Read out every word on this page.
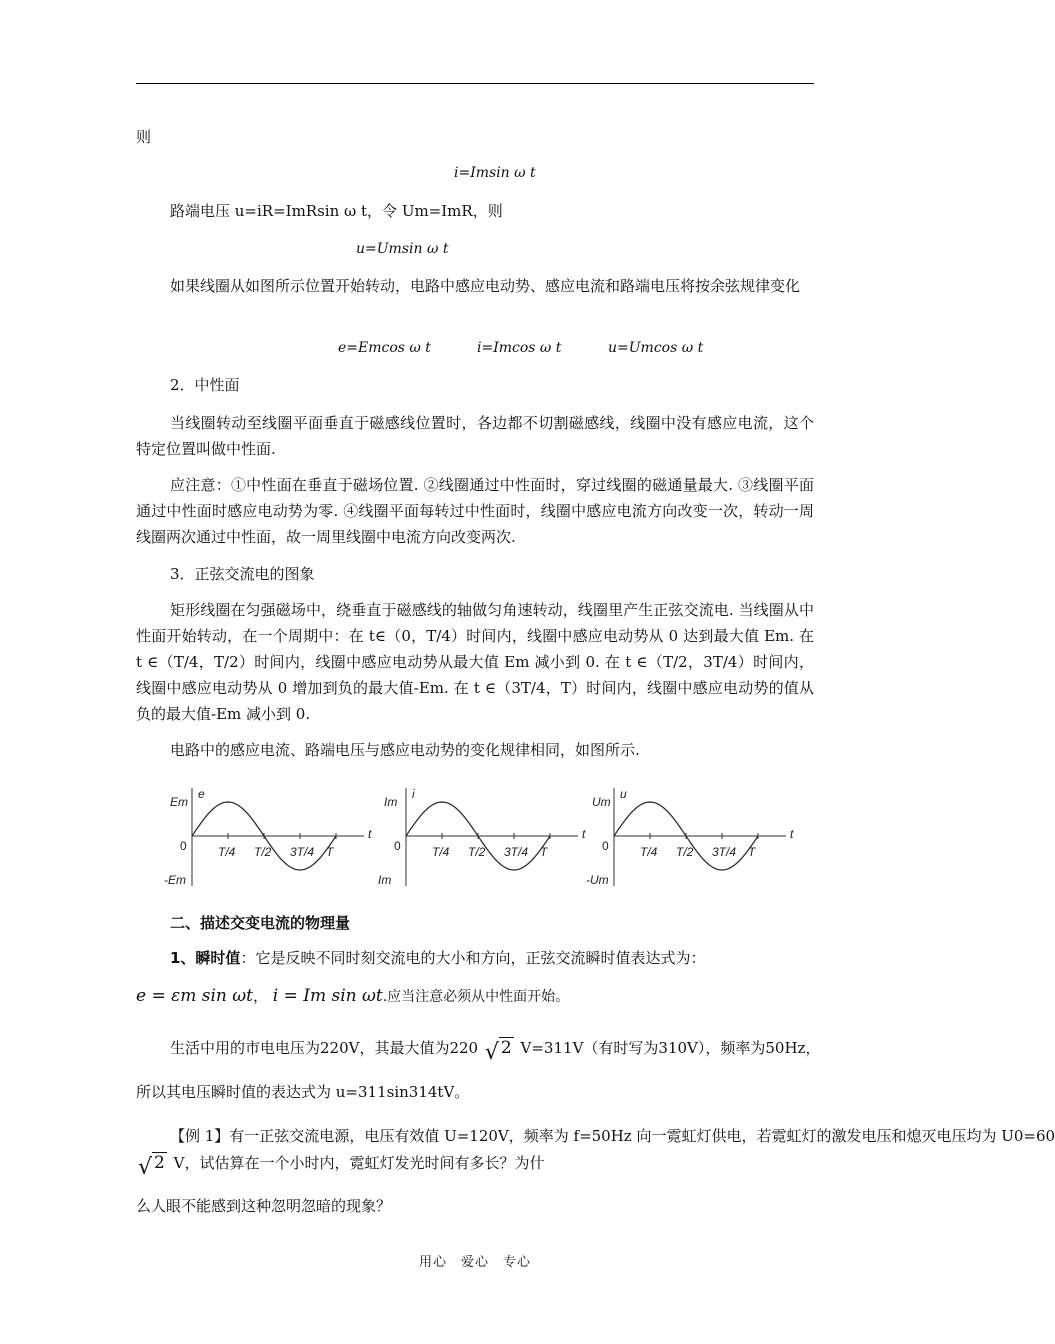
则
i=Imsin ω t
路端电压 u=iR=ImRsin ω t，令 Um=ImR，则
u=Umsin ω t
如果线圈从如图所示位置开始转动，电路中感应电动势、感应电流和路端电压将按余弦规律变化
e=Emcos ω t	i=Imcos ω t	u=Umcos ω t
2．中性面
当线圈转动至线圈平面垂直于磁感线位置时，各边都不切割磁感线，线圈中没有感应电流，这个特定位置叫做中性面.
应注意：①中性面在垂直于磁场位置. ②线圈通过中性面时，穿过线圈的磁通量最大. ③线圈平面通过中性面时感应电动势为零. ④线圈平面每转过中性面时，线圈中感应电流方向改变一次，转动一周线圈两次通过中性面，故一周里线圈中电流方向改变两次.
3．正弦交流电的图象
矩形线圈在匀强磁场中，绕垂直于磁感线的轴做匀角速转动，线圈里产生正弦交流电. 当线圈从中性面开始转动，在一个周期中：在 t∈（0，T/4）时间内，线圈中感应电动势从 0 达到最大值 Em. 在 t ∈（T/4，T/2）时间内，线圈中感应电动势从最大值 Em 减小到 0. 在 t ∈（T/2，3T/4）时间内，线圈中感应电动势从 0 增加到负的最大值-Em. 在 t ∈（3T/4，T）时间内，线圈中感应电动势的值从负的最大值-Em 减小到 0.
电路中的感应电流、路端电压与感应电动势的变化规律相同，如图所示.
T/4 T/2 3T/4 T
e
t
Em
-Em
0	T/4 T/2 3T/4 T
i
t
Im
Im
0	T/4 T/2 3T/4 T
u
t
Um
-Um
0
二、描述交变电流的物理量
1、瞬时值：它是反映不同时刻交流电的大小和方向，正弦交流瞬时值表达式为：
e = εm sin ωt， i = Im sin ωt.应当注意必须从中性面开始。
生活中用的市电电压为220V，其最大值为220 √ 2 V=311V（有时写为310V），频率为50Hz，
所以其电压瞬时值的表达式为 u=311sin314tV。
【例 1】有一正弦交流电源，电压有效值 U=120V，频率为 f=50Hz 向一霓虹灯供电，若霓虹灯的激发电压和熄灭电压均为 U0=60
√ 2 V，试估算在一个小时内，霓虹灯发光时间有多长？为什
么人眼不能感到这种忽明忽暗的现象？
用心　爱心　专心
